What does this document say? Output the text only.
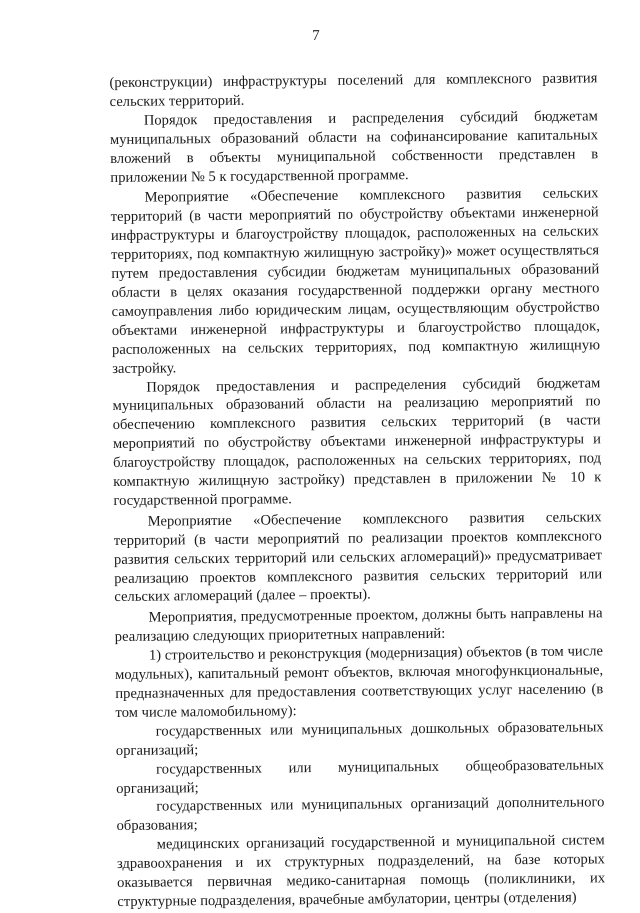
7

(реконструкции) инфраструктуры поселений для комплексного развития сельских территорий.

Порядок предоставления и распределения субсидий бюджетам муниципальных образований области на софинансирование капитальных вложений в объекты муниципальной собственности представлен в приложении № 5 к государственной программе.

Мероприятие «Обеспечение комплексного развития сельских территорий (в части мероприятий по обустройству объектами инженерной инфраструктуры и благоустройству площадок, расположенных на сельских территориях, под компактную жилищную застройку)» может осуществляться путем предоставления субсидии бюджетам муниципальных образований области в целях оказания государственной поддержки органу местного самоуправления либо юридическим лицам, осуществляющим обустройство объектами инженерной инфраструктуры и благоустройство площадок, расположенных на сельских территориях, под компактную жилищную застройку.

Порядок предоставления и распределения субсидий бюджетам муниципальных образований области на реализацию мероприятий по обеспечению комплексного развития сельских территорий (в части мероприятий по обустройству объектами инженерной инфраструктуры и благоустройству площадок, расположенных на сельских территориях, под компактную жилищную застройку) представлен в приложении № 10 к государственной программе.

Мероприятие «Обеспечение комплексного развития сельских территорий (в части мероприятий по реализации проектов комплексного развития сельских территорий или сельских агломераций)» предусматривает реализацию проектов комплексного развития сельских территорий или сельских агломераций (далее – проекты).

Мероприятия, предусмотренные проектом, должны быть направлены на реализацию следующих приоритетных направлений:

1) строительство и реконструкция (модернизация) объектов (в том числе модульных), капитальный ремонт объектов, включая многофункциональные, предназначенных для предоставления соответствующих услуг населению (в том числе маломобильному):

государственных или муниципальных дошкольных образовательных организаций;

государственных или муниципальных общеобразовательных организаций;

государственных или муниципальных организаций дополнительного образования;

медицинских организаций государственной и муниципальной систем здравоохранения и их структурных подразделений, на базе которых оказывается первичная медико-санитарная помощь (поликлиники, их структурные подразделения, врачебные амбулатории, центры (отделения)
